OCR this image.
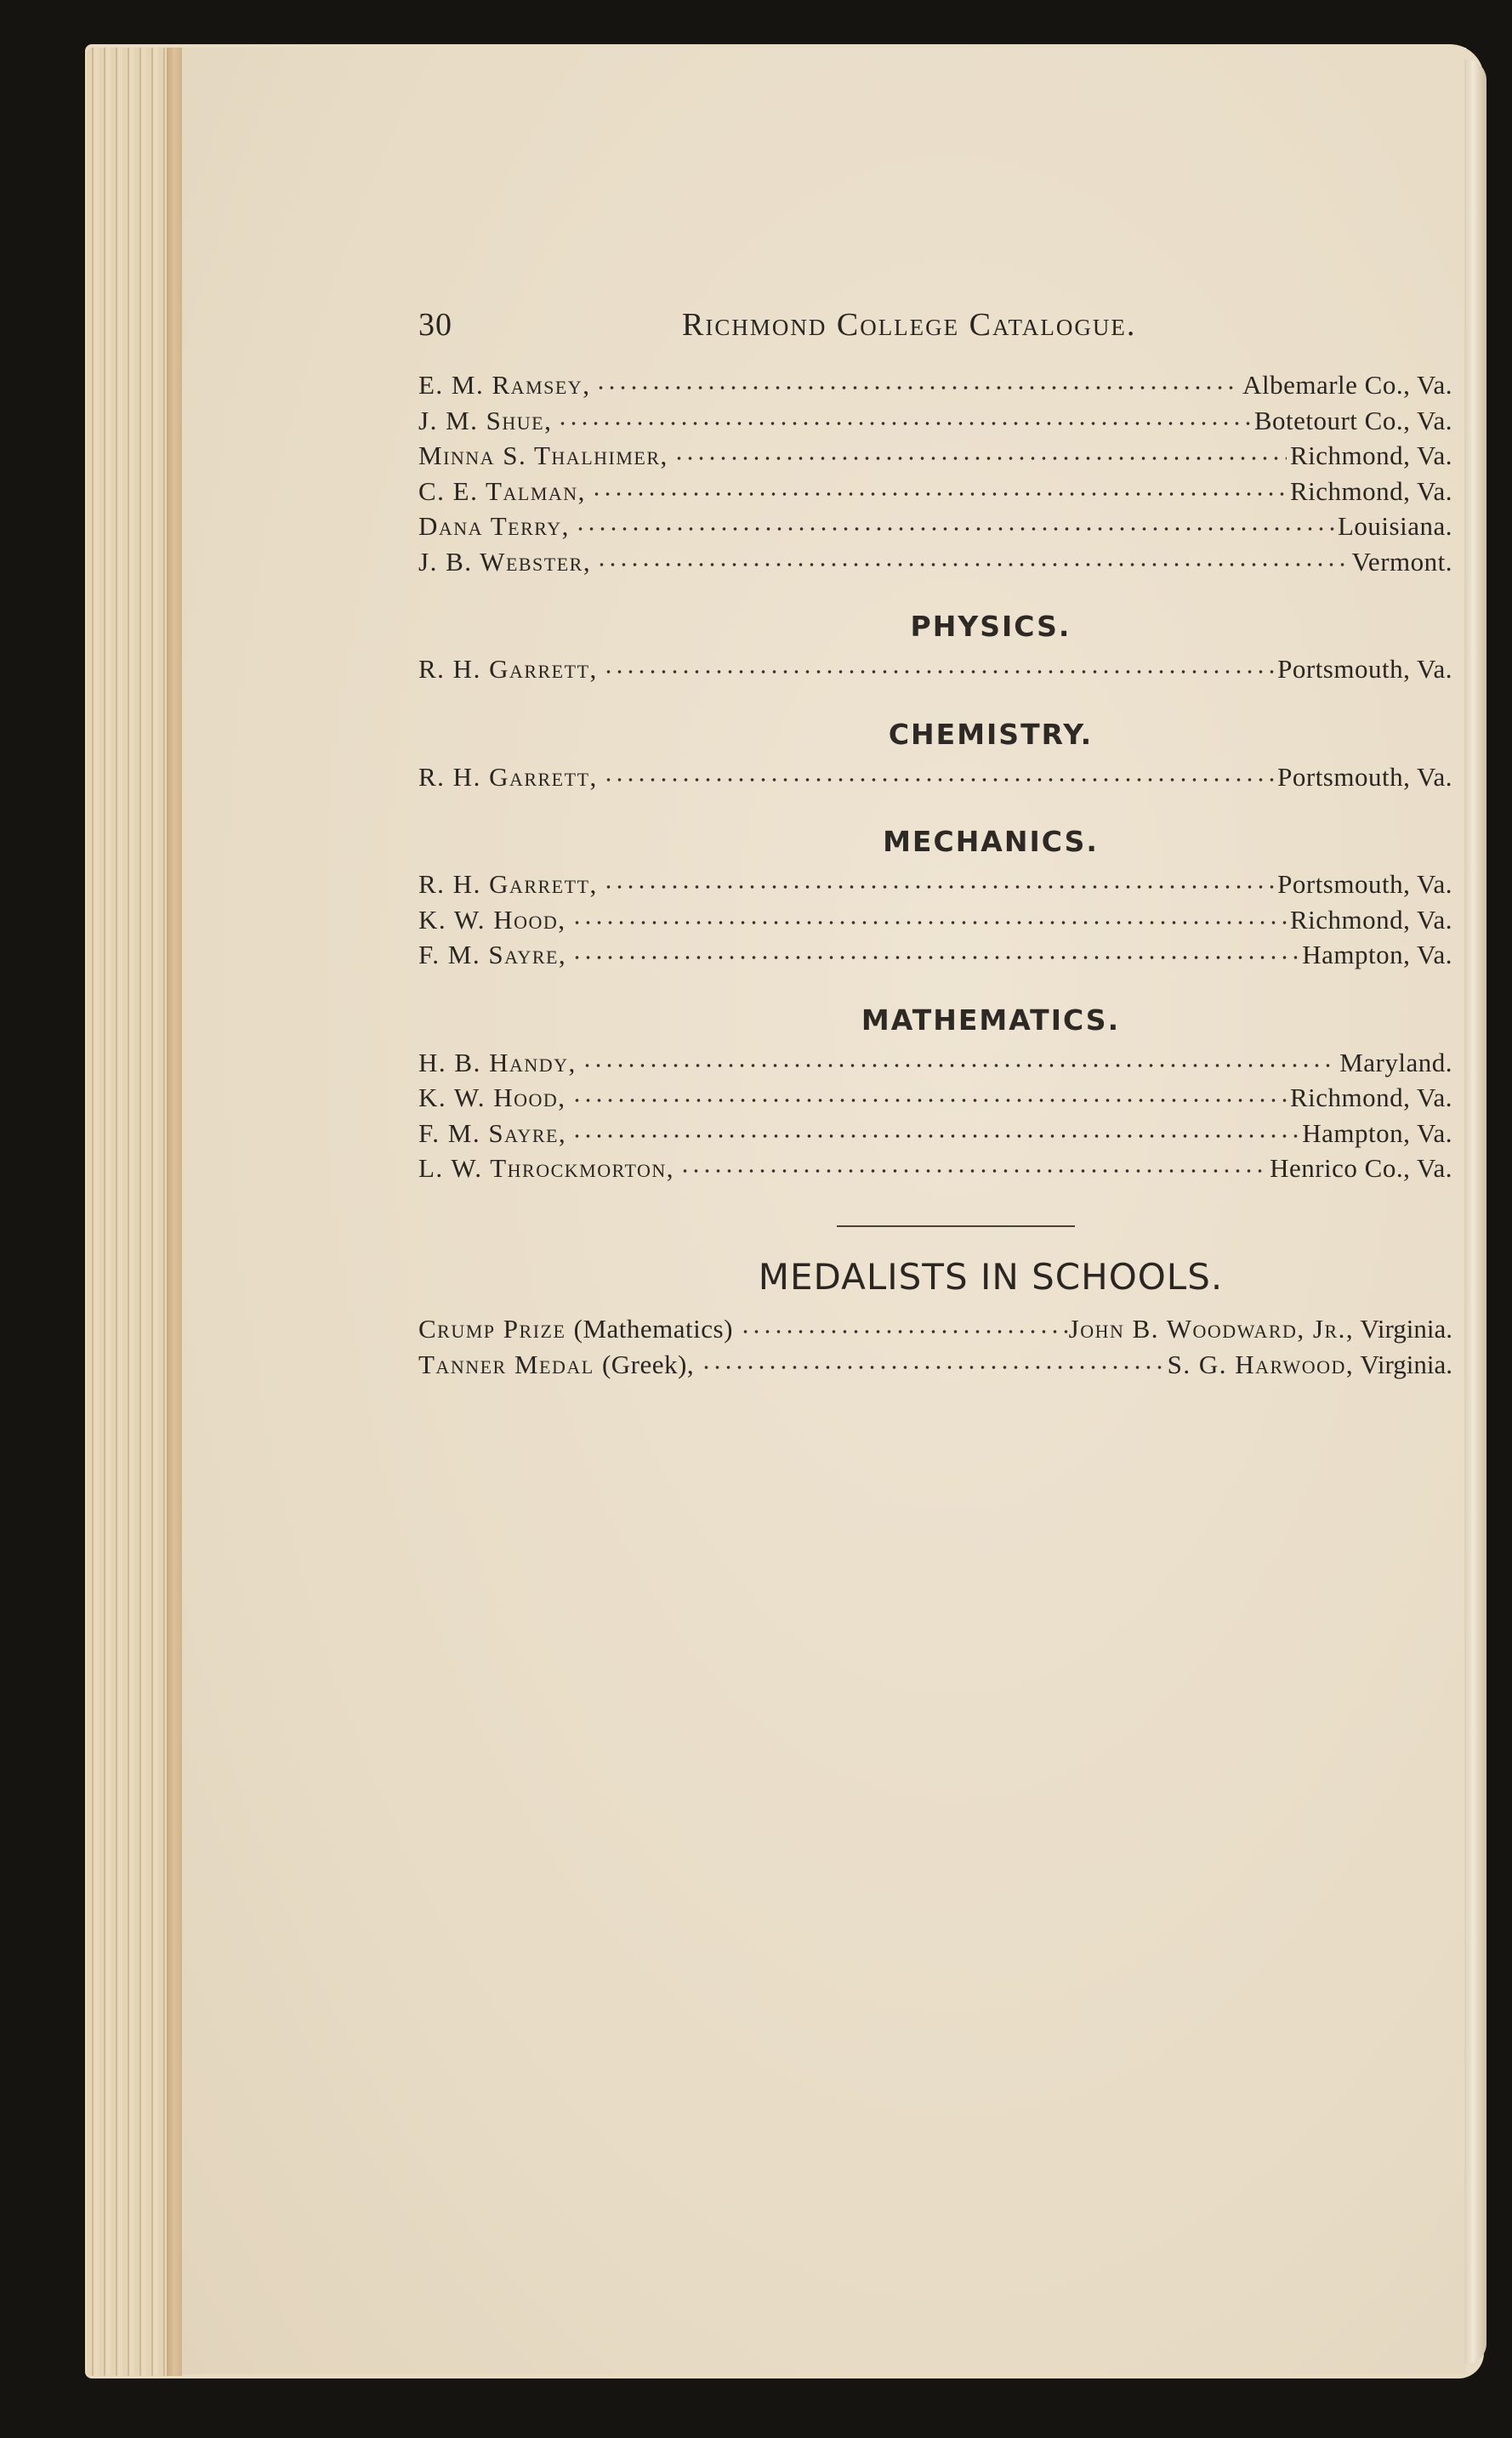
30	Richmond College Catalogue.
E. M. Ramsey,	Albemarle Co., Va.
J. M. Shue,	Botetourt Co., Va.
Minna S. Thalhimer,	Richmond, Va.
C. E. Talman,	Richmond, Va.
Dana Terry,	Louisiana.
J. B. Webster,	Vermont.
PHYSICS.
R. H. Garrett,	Portsmouth, Va.
CHEMISTRY.
R. H. Garrett,	Portsmouth, Va.
MECHANICS.
R. H. Garrett,	Portsmouth, Va.
K. W. Hood,	Richmond, Va.
F. M. Sayre,	Hampton, Va.
MATHEMATICS.
H. B. Handy,	Maryland.
K. W. Hood,	Richmond, Va.
F. M. Sayre,	Hampton, Va.
L. W. Throckmorton,	Henrico Co., Va.
MEDALISTS IN SCHOOLS.
Crump Prize (Mathematics)	John B. Woodward, Jr., Virginia.
Tanner Medal (Greek),	S. G. Harwood, Virginia.
